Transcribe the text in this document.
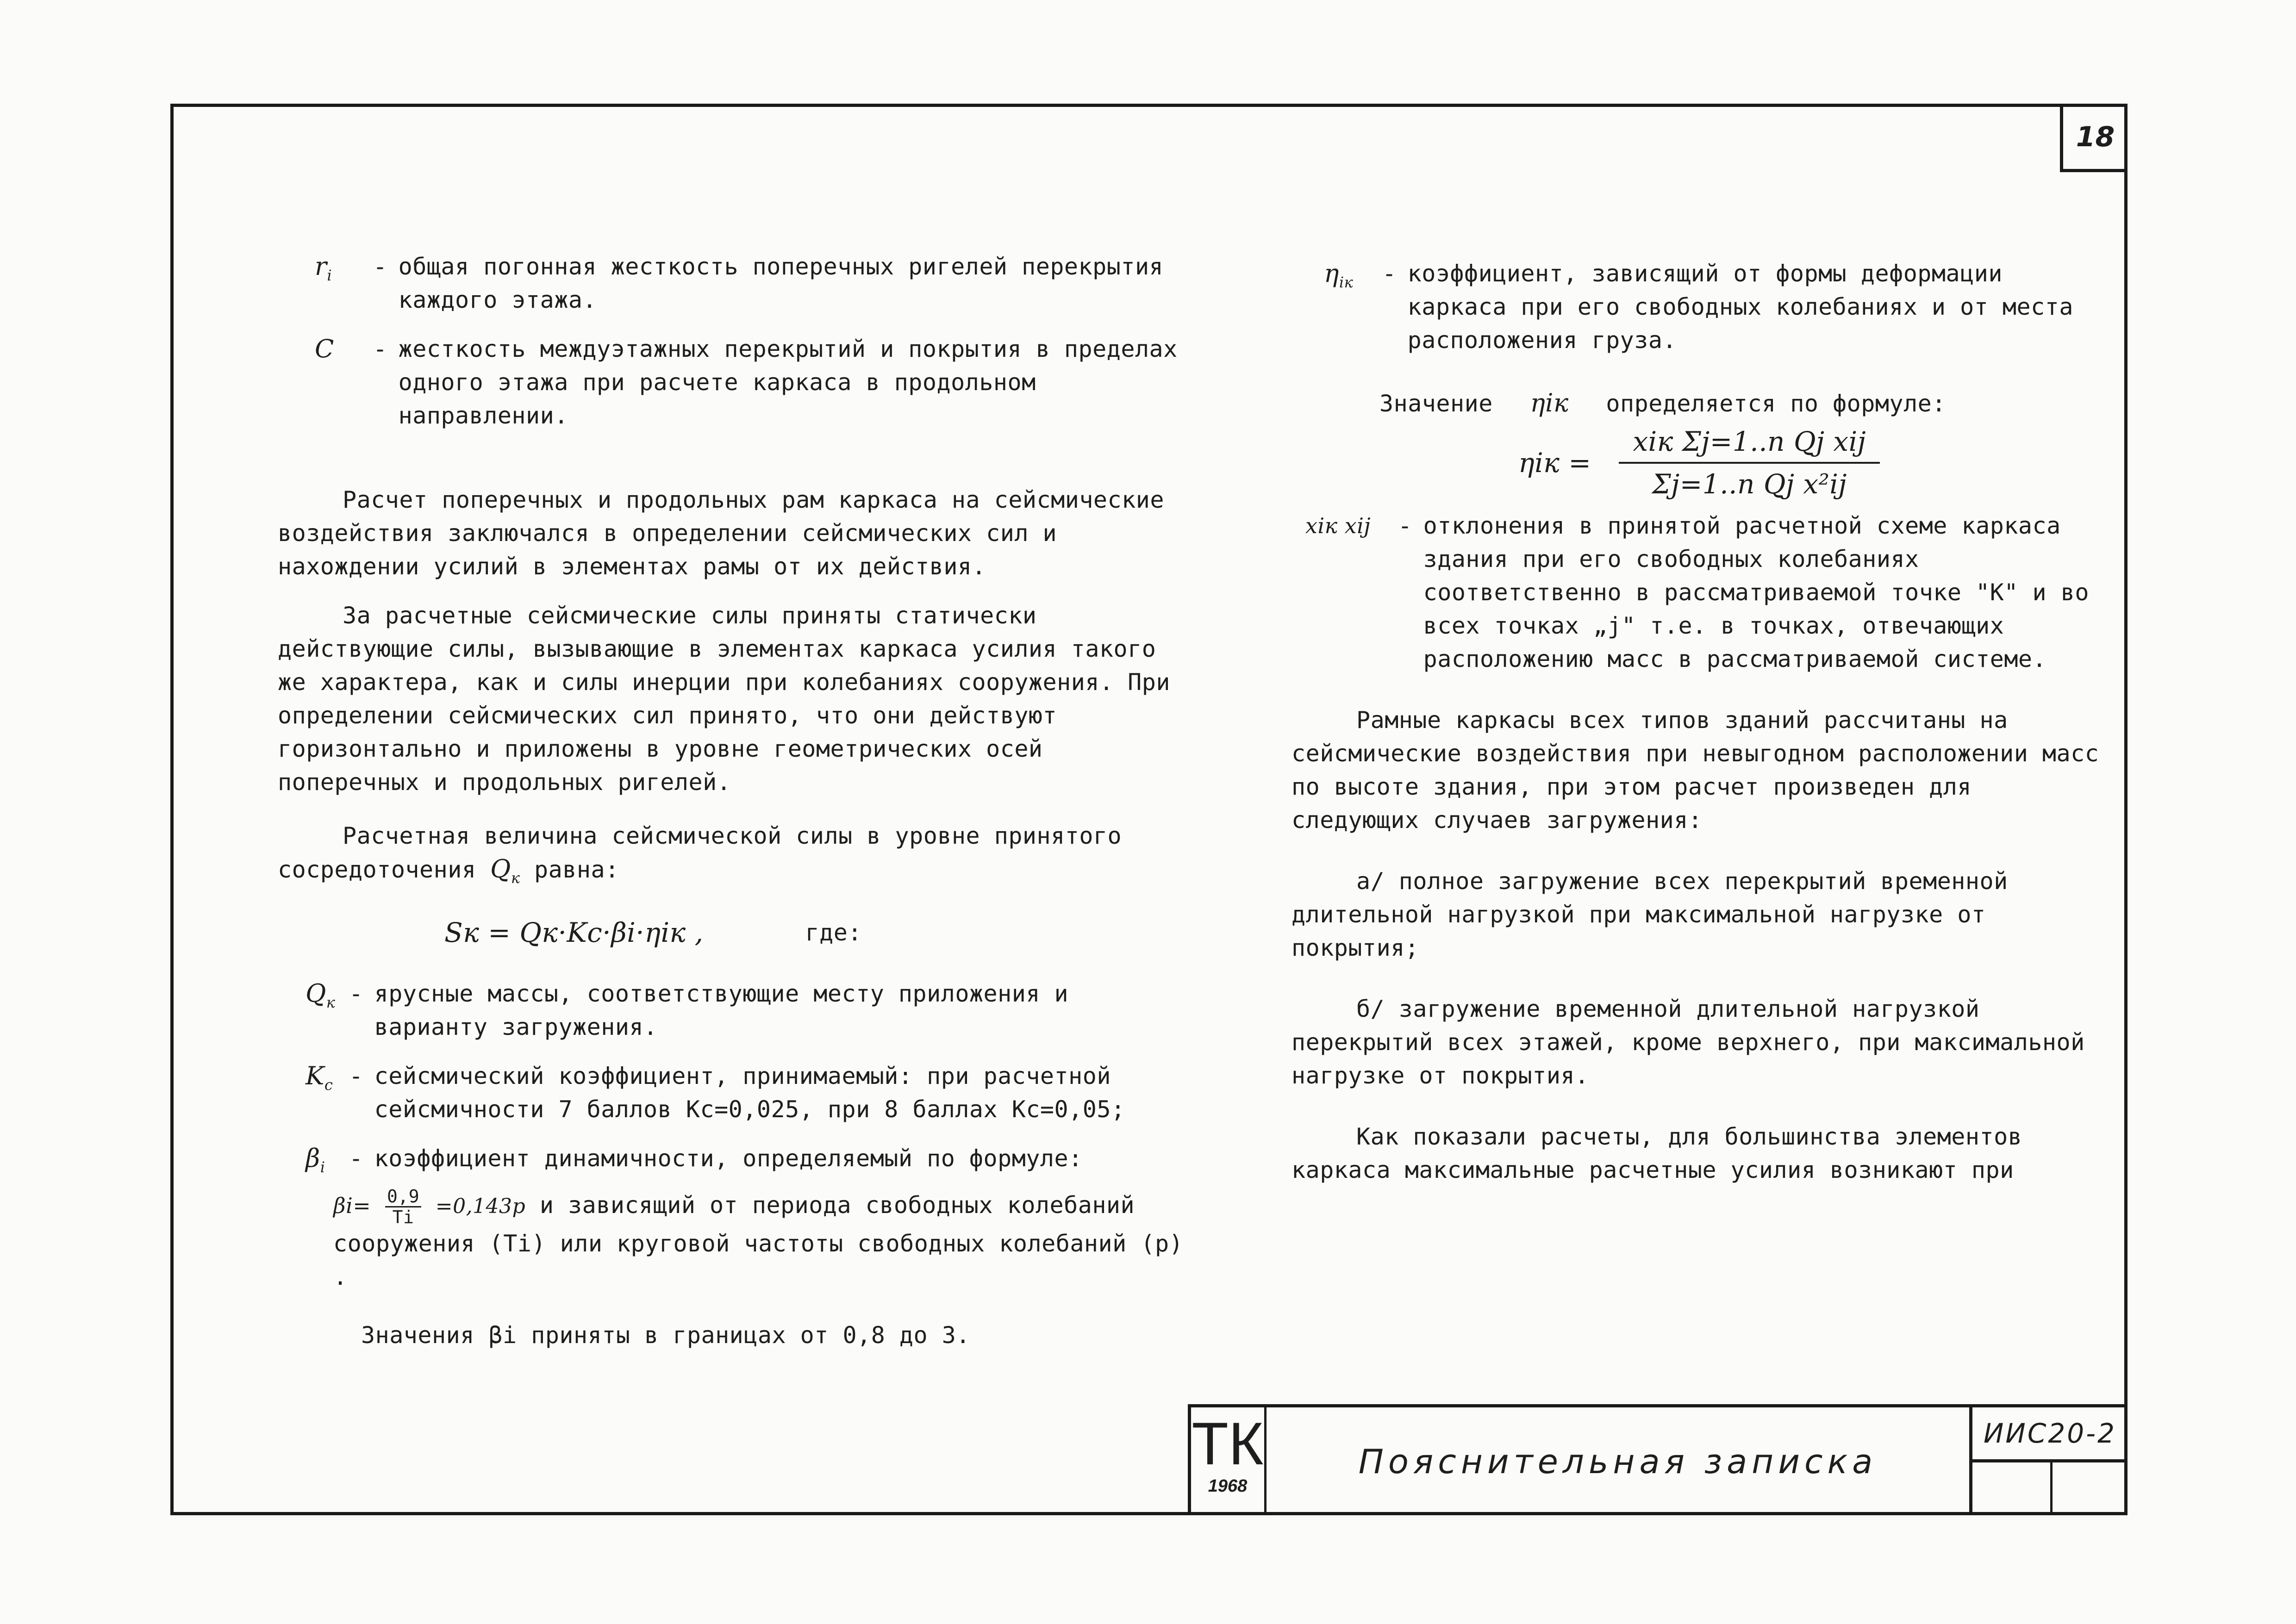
18
$r_i$	- общая погонная жесткость поперечных ригелей перекрытия каждого этажа.
C	- жесткость междуэтажных перекрытий и покрытия в пределах одного этажа при расчете каркаса в продольном направлении.

Расчет поперечных и продольных рам каркаса на сейсмические воздействия заключался в определении сейсмических сил и нахождении усилий в элементах рамы от их действия.

За расчетные сейсмические силы приняты статически действующие силы, вызывающие в элементах каркаса усилия такого же характера, как и силы инерции при колебаниях сооружения. При определении сейсмических сил принято, что они действуют горизонтально и приложены в уровне геометрических осей поперечных и продольных ригелей.

Расчетная величина сейсмической силы в уровне принятого сосредоточения $Q_к$ равна:

Sк = Qк·Kc·βi·ηiк ,	где:
$Q_к$ - ярусные массы, соответствующие месту приложения и варианту загружения.
$K_c$ - сейсмический коэффициент, принимаемый: при расчетной сейсмичности 7 баллов Kc=0,025, при 8 баллах Kc=0,05;
$\beta_i$	- коэффициент динамичности, определяемый по формуле:
$\beta i= \frac{0,9}{Ti} =0,143p$ и зависящий от периода свободных колебаний сооружения (Ti) или круговой частоты свободных колебаний (p) .

Значения βi приняты в границах от 0,8 до 3.

$\eta_{iк}$	- коэффициент, зависящий от формы деформации каркаса при его свободных колебаниях и от места расположения груза.

Значение ηiк определяется по формуле:

$\eta iк = \frac{\text{xiк Σj=1..n Qj xij}}{\text{Σj=1..n Qj x²ij}}$
xiк xij	- отклонения в принятой расчетной схеме каркаса здания при его свободных колебаниях соответственно в рассматриваемой точке "К" и во всех точках „j" т.е. в точках, отвечающих расположению масс в рассматриваемой системе.

Рамные каркасы всех типов зданий рассчитаны на сейсмические воздействия при невыгодном расположении масс по высоте здания, при этом расчет произведен для следующих случаев загружения:

а/ полное загружение всех перекрытий временной длительной нагрузкой при максимальной нагрузке от покрытия;

б/ загружение временной длительной нагрузкой перекрытий всех этажей, кроме верхнего, при максимальной нагрузке от покрытия.

Как показали расчеты, для большинства элементов каркаса максимальные расчетные усилия возникают при

ТК
1968
Пояснительная записка
ИИС20-2
